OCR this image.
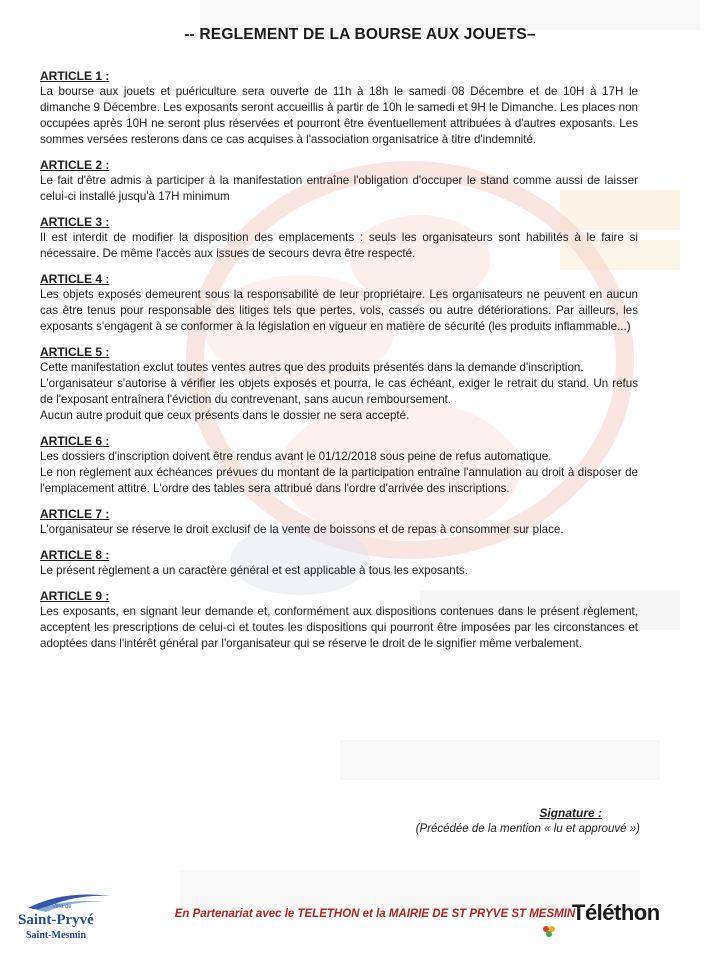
-- REGLEMENT DE LA BOURSE AUX JOUETS–

ARTICLE 1 :

La bourse aux jouets et puériculture sera ouverte de 11h à 18h le samedi 08 Décembre et de 10H à 17H le dimanche 9 Décembre. Les exposants seront accueillis à partir de 10h le samedi et 9H le Dimanche. Les places non occupées après 10H ne seront plus réservées et pourront être éventuellement attribuées à d'autres exposants. Les sommes versées resterons dans ce cas acquises à l'association organisatrice à titre d'indemnité.

ARTICLE 2 :

Le fait d'être admis à participer à la manifestation entraîne l'obligation d'occuper le stand comme aussi de laisser celui-ci installé jusqu'à 17H minimum

ARTICLE 3 :

Il est interdit de modifier la disposition des emplacements : seuls les organisateurs sont habilités à le faire si nécessaire. De même l'accès aux issues de secours devra être respecté.

ARTICLE 4 :

Les objets exposés demeurent sous la responsabilité de leur propriétaire. Les organisateurs ne peuvent en aucun cas être tenus pour responsable des litiges tels que pertes, vols, casses ou autre détériorations. Par ailleurs, les exposants s'engagent à se conformer à la législation en vigueur en matière de sécurité (les produits inflammable...)

ARTICLE 5 :

Cette manifestation exclut toutes ventes autres que des produits présentés dans la demande d'inscription.

L'organisateur s'autorise à vérifier les objets exposés et pourra, le cas échéant, exiger le retrait du stand. Un refus de l'exposant entraînera l'éviction du contrevenant, sans aucun remboursement.

Aucun autre produit que ceux présents dans le dossier ne sera accepté.

ARTICLE 6 :

Les dossiers d'inscription doivent être rendus avant le 01/12/2018 sous peine de refus automatique.

Le non règlement aux échéances prévues du montant de la participation entraîne l'annulation au droit à disposer de l'emplacement attitré. L'ordre des tables sera attribué dans l'ordre d'arrivée des inscriptions.

ARTICLE 7 :

L'organisateur se réserve le droit exclusif de la vente de boissons et de repas à consommer sur place.

ARTICLE 8 :

Le présent règlement a un caractère général et est applicable à tous les exposants.

ARTICLE 9 :

Les exposants, en signant leur demande et, conformément aux dispositions contenues dans le présent règlement, acceptent les prescriptions de celui-ci et toutes les dispositions qui pourront être imposées par les circonstances et adoptées dans l'intérêt général par l'organisateur qui se réserve le droit de le signifier même verbalement.

Signature :
(Précédée de la mention « lu et approuvé »)
Ville de
Saint-Pryvé
Saint-Mesmin
En Partenariat avec le TELETHON et la MAIRIE DE ST PRYVE ST MESMIN
Téléthon
